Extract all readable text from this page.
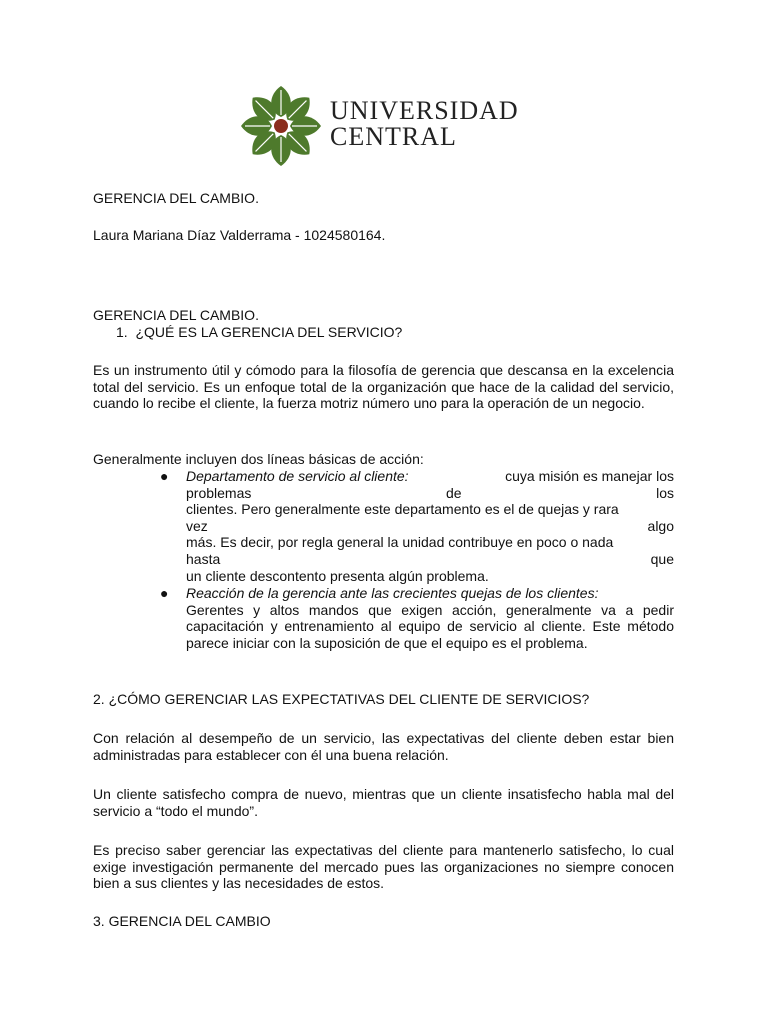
UNIVERSIDAD
CENTRAL

GERENCIA DEL CAMBIO.

Laura Mariana Díaz Valderrama - 1024580164.

GERENCIA DEL CAMBIO.

1. ¿QUÉ ES LA GERENCIA DEL SERVICIO?

Es un instrumento útil y cómodo para la filosofía de gerencia que descansa en la excelencia total del servicio. Es un enfoque total de la organización que hace de la calidad del servicio, cuando lo recibe el cliente, la fuerza motriz número uno para la operación de un negocio.

Generalmente incluyen dos líneas básicas de acción:

● Departamento de servicio al cliente:	cuya misión es manejar los
problemas	de	los
clientes. Pero generalmente este departamento es el de quejas y rara
vez	algo
más. Es decir, por regla general la unidad contribuye en poco o nada
hasta	que
un cliente descontento presenta algún problema.
● Reacción de la gerencia ante las crecientes quejas de los clientes:
Gerentes y altos mandos que exigen acción, generalmente va a pedir capacitación y entrenamiento al equipo de servicio al cliente. Este método parece iniciar con la suposición de que el equipo es el problema.

2. ¿CÓMO GERENCIAR LAS EXPECTATIVAS DEL CLIENTE DE SERVICIOS?

Con relación al desempeño de un servicio, las expectativas del cliente deben estar bien administradas para establecer con él una buena relación.

Un cliente satisfecho compra de nuevo, mientras que un cliente insatisfecho habla mal del servicio a “todo el mundo”.

Es preciso saber gerenciar las expectativas del cliente para mantenerlo satisfecho, lo cual exige investigación permanente del mercado pues las organizaciones no siempre conocen bien a sus clientes y las necesidades de estos.

3. GERENCIA DEL CAMBIO
